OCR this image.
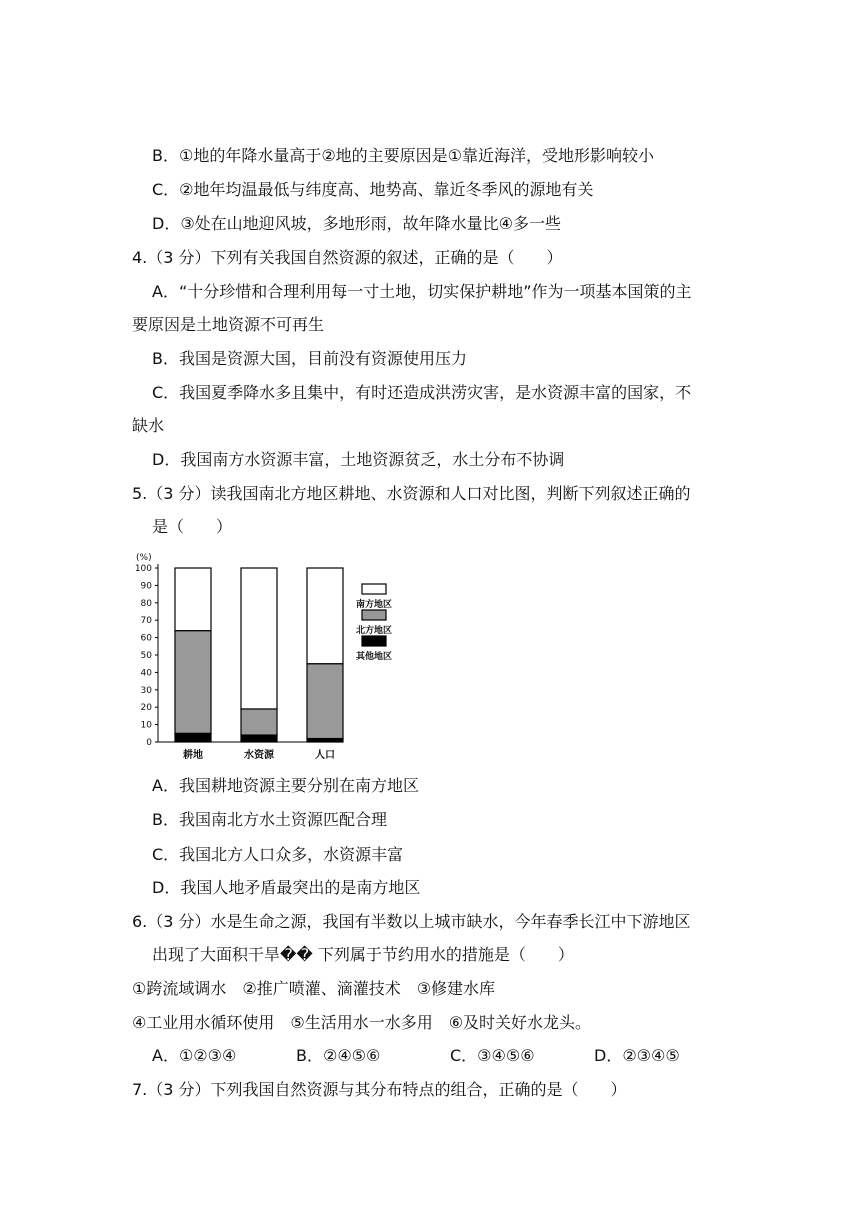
B．①地的年降水量高于②地的主要原因是①靠近海洋，受地形影响较小
C．②地年均温最低与纬度高、地势高、靠近冬季风的源地有关
D．③处在山地迎风坡，多地形雨，故年降水量比④多一些
4.（3 分）下列有关我国自然资源的叙述，正确的是（　　）
A．“十分珍惜和合理利用每一寸土地，切实保护耕地”作为一项基本国策的主
要原因是土地资源不可再生
B．我国是资源大国，目前没有资源使用压力
C．我国夏季降水多且集中，有时还造成洪涝灾害，是水资源丰富的国家，不
缺水
D．我国南方水资源丰富，土地资源贫乏，水土分布不协调
5.（3 分）读我国南北方地区耕地、水资源和人口对比图，判断下列叙述正确的
是（　　）
(%)
0
10
20
30
40
50
60
70
80
90
100
耕地	水资源	人口
南方地区
北方地区
其他地区
A．我国耕地资源主要分别在南方地区
B．我国南北方水土资源匹配合理
C．我国北方人口众多，水资源丰富
D．我国人地矛盾最突出的是南方地区
6.（3 分）水是生命之源，我国有半数以上城市缺水，今年春季长江中下游地区
出现了大面积干旱�� 下列属于节约用水的措施是（　　）
①跨流域调水　②推广喷灌、滴灌技术　③修建水库
④工业用水循环使用　⑤生活用水一水多用　⑥及时关好水龙头。
A．①②③④	B．②④⑤⑥	C．③④⑤⑥	D．②③④⑤
7.（3 分）下列我国自然资源与其分布特点的组合，正确的是（　　）
